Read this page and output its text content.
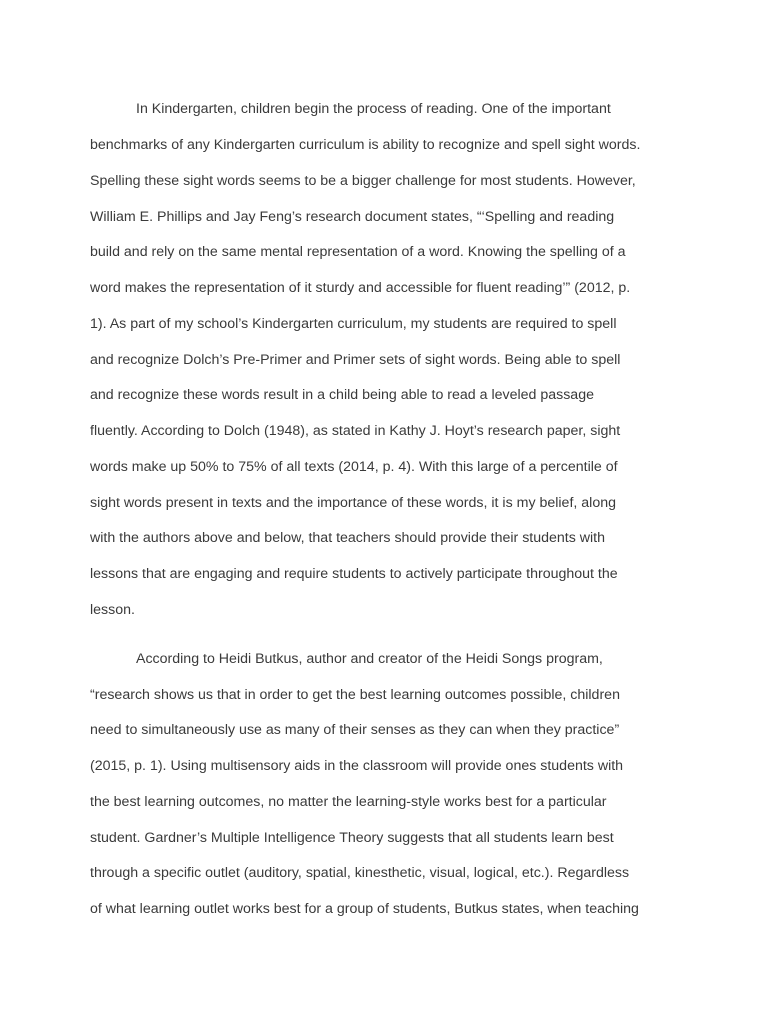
In Kindergarten, children begin the process of reading. One of the important

benchmarks of any Kindergarten curriculum is ability to recognize and spell sight words.

Spelling these sight words seems to be a bigger challenge for most students. However,

William E. Phillips and Jay Feng’s research document states, “‘Spelling and reading

build and rely on the same mental representation of a word. Knowing the spelling of a

word makes the representation of it sturdy and accessible for fluent reading’” (2012, p.

1). As part of my school’s Kindergarten curriculum, my students are required to spell

and recognize Dolch’s Pre-Primer and Primer sets of sight words. Being able to spell

and recognize these words result in a child being able to read a leveled passage

fluently. According to Dolch (1948), as stated in Kathy J. Hoyt’s research paper, sight

words make up 50% to 75% of all texts (2014, p. 4). With this large of a percentile of

sight words present in texts and the importance of these words, it is my belief, along

with the authors above and below, that teachers should provide their students with

lessons that are engaging and require students to actively participate throughout the

lesson.

According to Heidi Butkus, author and creator of the Heidi Songs program,

“research shows us that in order to get the best learning outcomes possible, children

need to simultaneously use as many of their senses as they can when they practice”

(2015, p. 1). Using multisensory aids in the classroom will provide ones students with

the best learning outcomes, no matter the learning-style works best for a particular

student. Gardner’s Multiple Intelligence Theory suggests that all students learn best

through a specific outlet (auditory, spatial, kinesthetic, visual, logical, etc.). Regardless

of what learning outlet works best for a group of students, Butkus states, when teaching
